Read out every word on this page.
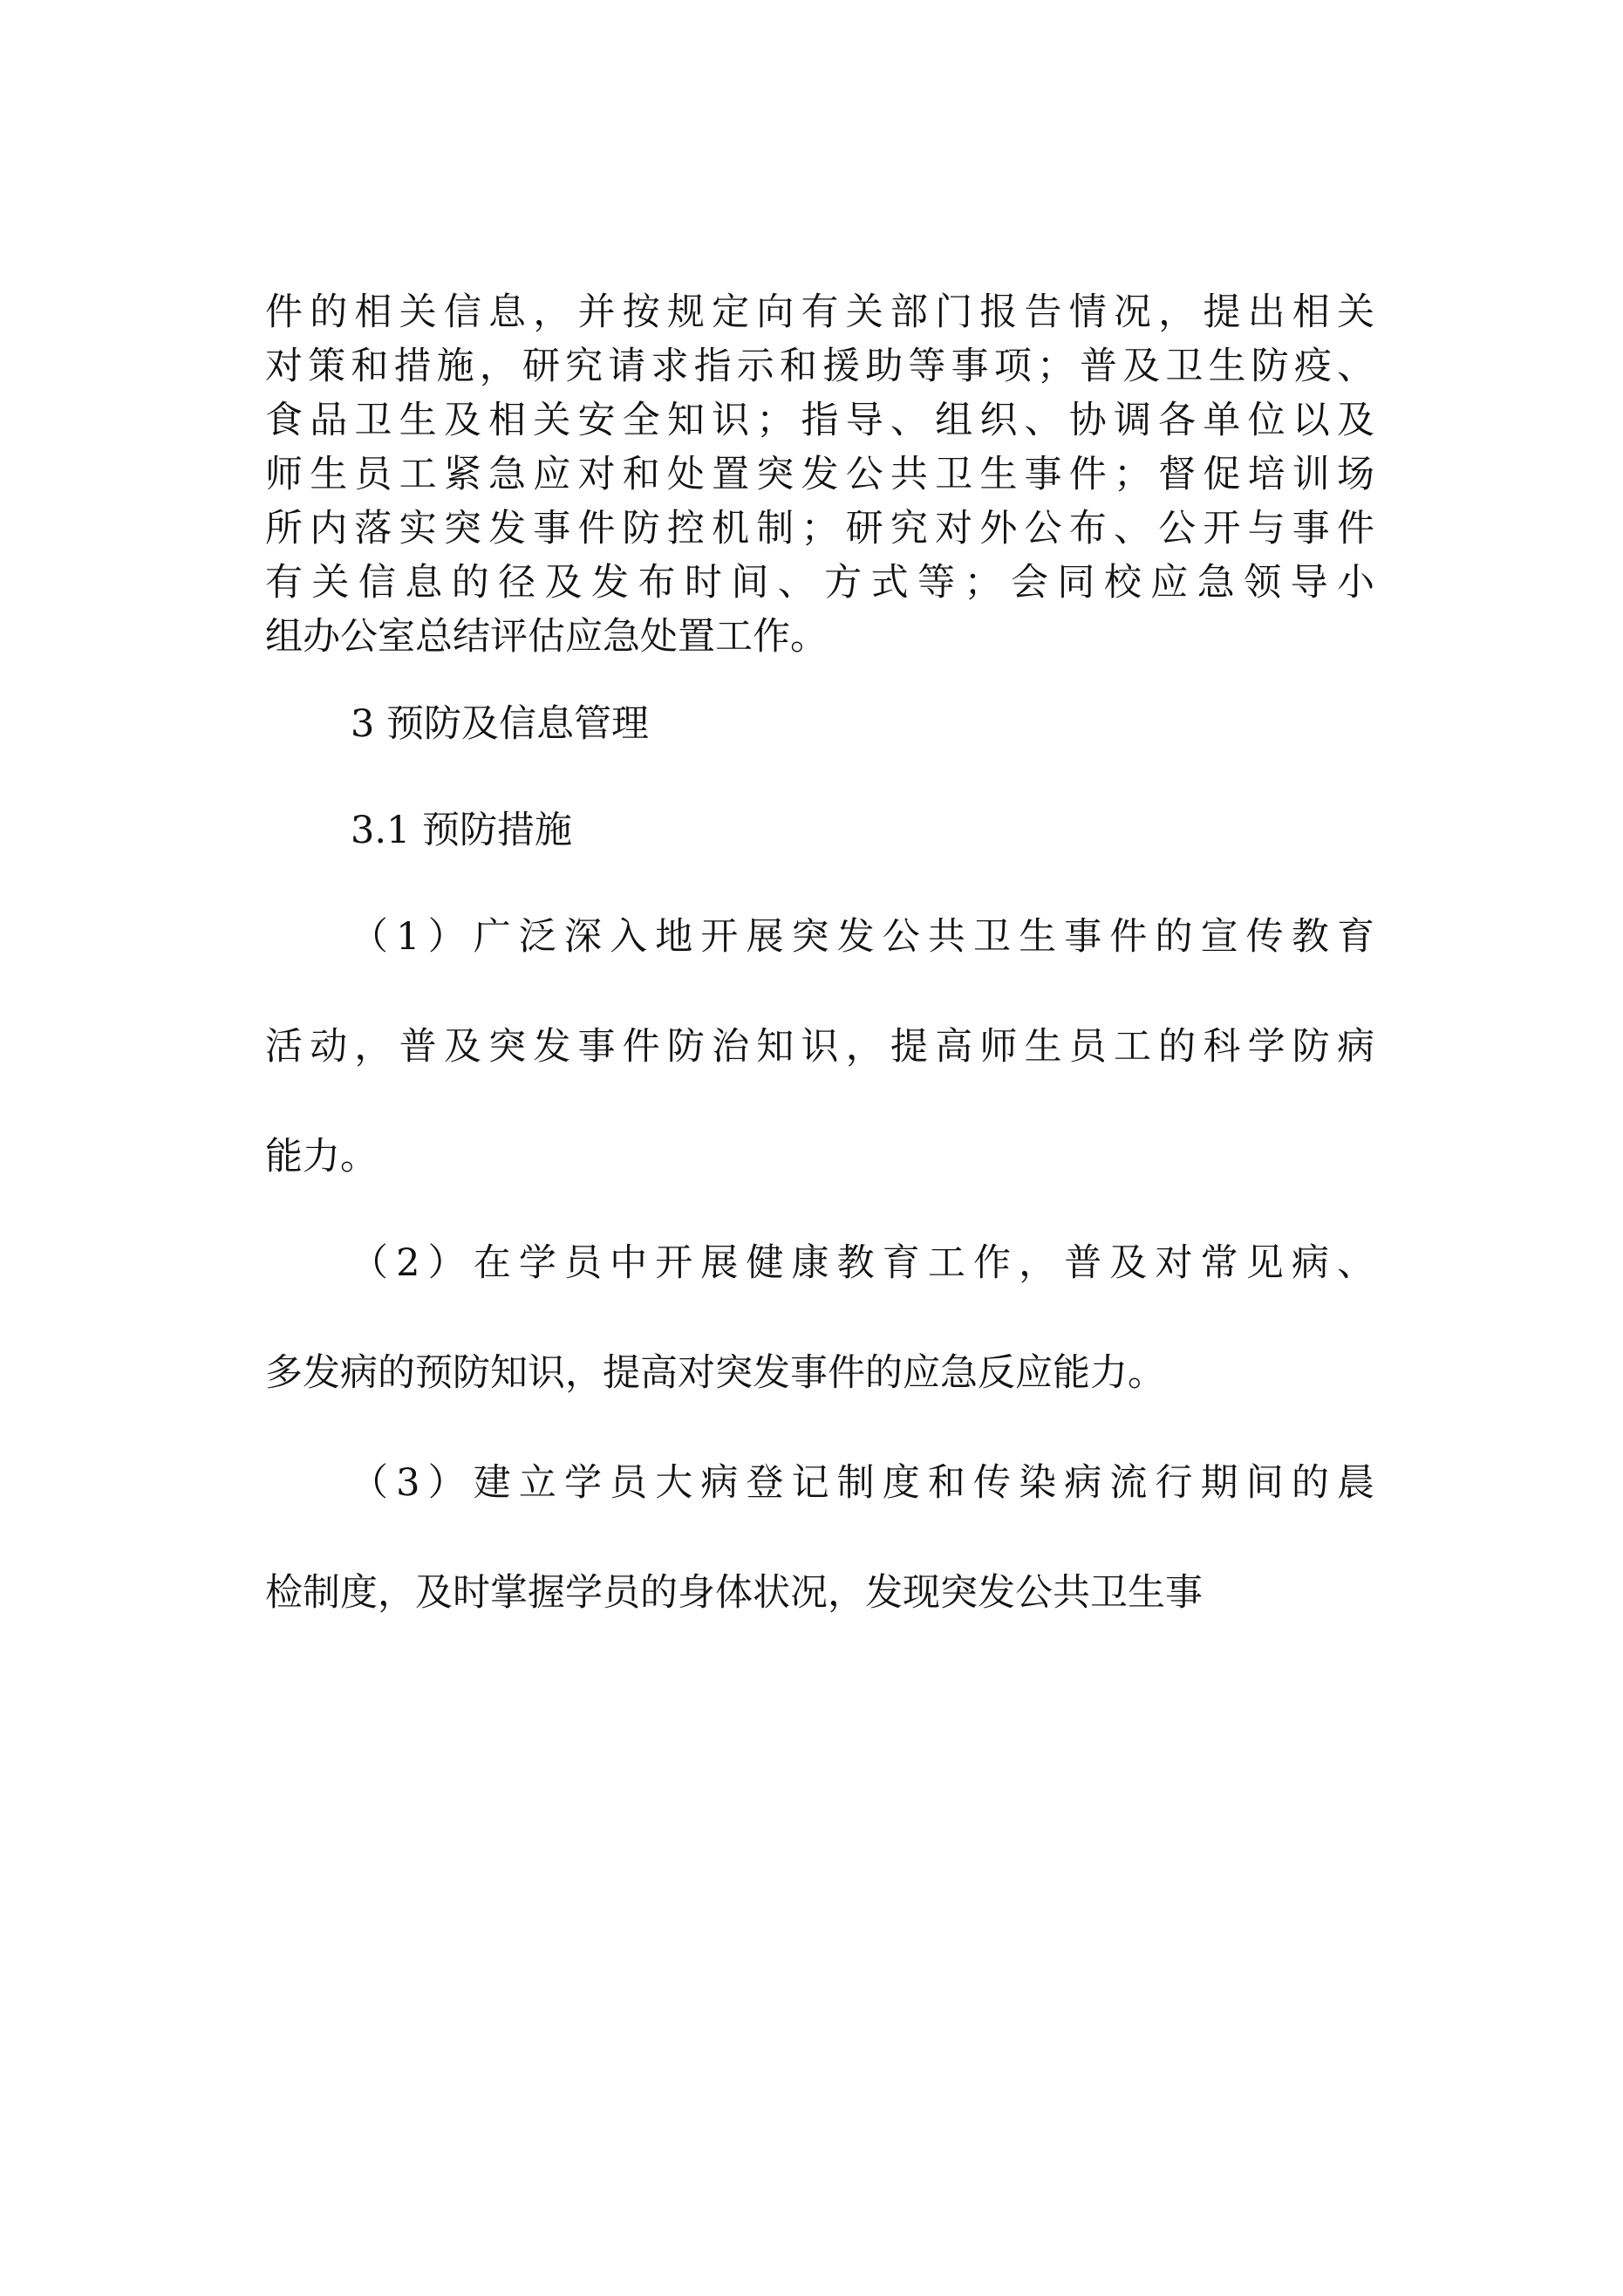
件的相关信息，并按规定向有关部门报告情况，提出相关
对策和措施，研究请求指示和援助等事项；普及卫生防疫、
食品卫生及相关安全知识；指导、组织、协调各单位以及
师生员工紧急应对和处置突发公共卫生事件；督促培训场
所内落实突发事件防控机制；研究对外公布、公开与事件
有关信息的径及发布时间、方式等；会同校应急领导小
组办公室总结评估应急处置工作。
3 预防及信息管理
3.1 预防措施
（1）广泛深入地开展突发公共卫生事件的宣传教育
活动，普及突发事件防治知识，提高师生员工的科学防病
能力。
（2）在学员中开展健康教育工作，普及对常见病、
多发病的预防知识，提高对突发事件的应急反应能力。
（3）建立学员大病登记制度和传染病流行期间的晨
检制度，及时掌握学员的身体状况，发现突发公共卫生事
